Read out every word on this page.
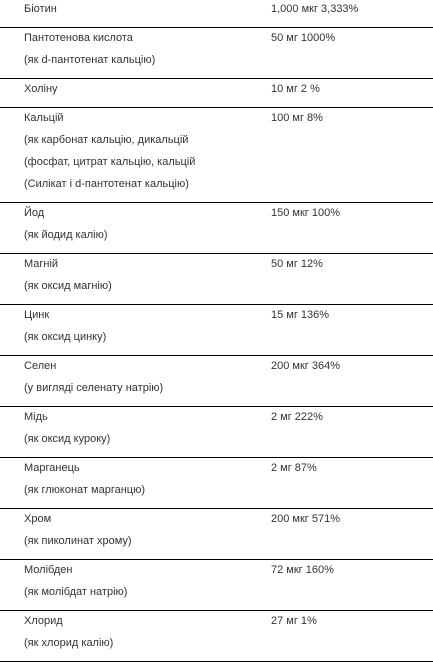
Біотин	1,000 мкг 3,333%
Пантотенова кислота
(як d-пантотенат кальцію)
50 мг 1000%
Холіну	10 мг 2 %
Кальцій
(як карбонат кальцію, дикальцій
(фосфат, цитрат кальцію, кальцій
(Силікат і d-пантотенат кальцію)
100 мг 8%
Йод
(як йодид калію)
150 мкг 100%
Магній
(як оксид магнію)
50 мг 12%
Цинк
(як оксид цинку)
15 мг 136%
Селен
(у вигляді селенату натрію)
200 мкг 364%
Мідь
(як оксид куроку)
2 мг 222%
Марганець
(як глюконат марганцю)
2 мг 87%
Хром
(як пиколинат хрому)
200 мкг 571%
Молібден
(як молібдат натрію)
72 мкг 160%
Хлорид
(як хлорид калію)
27 мг 1%
